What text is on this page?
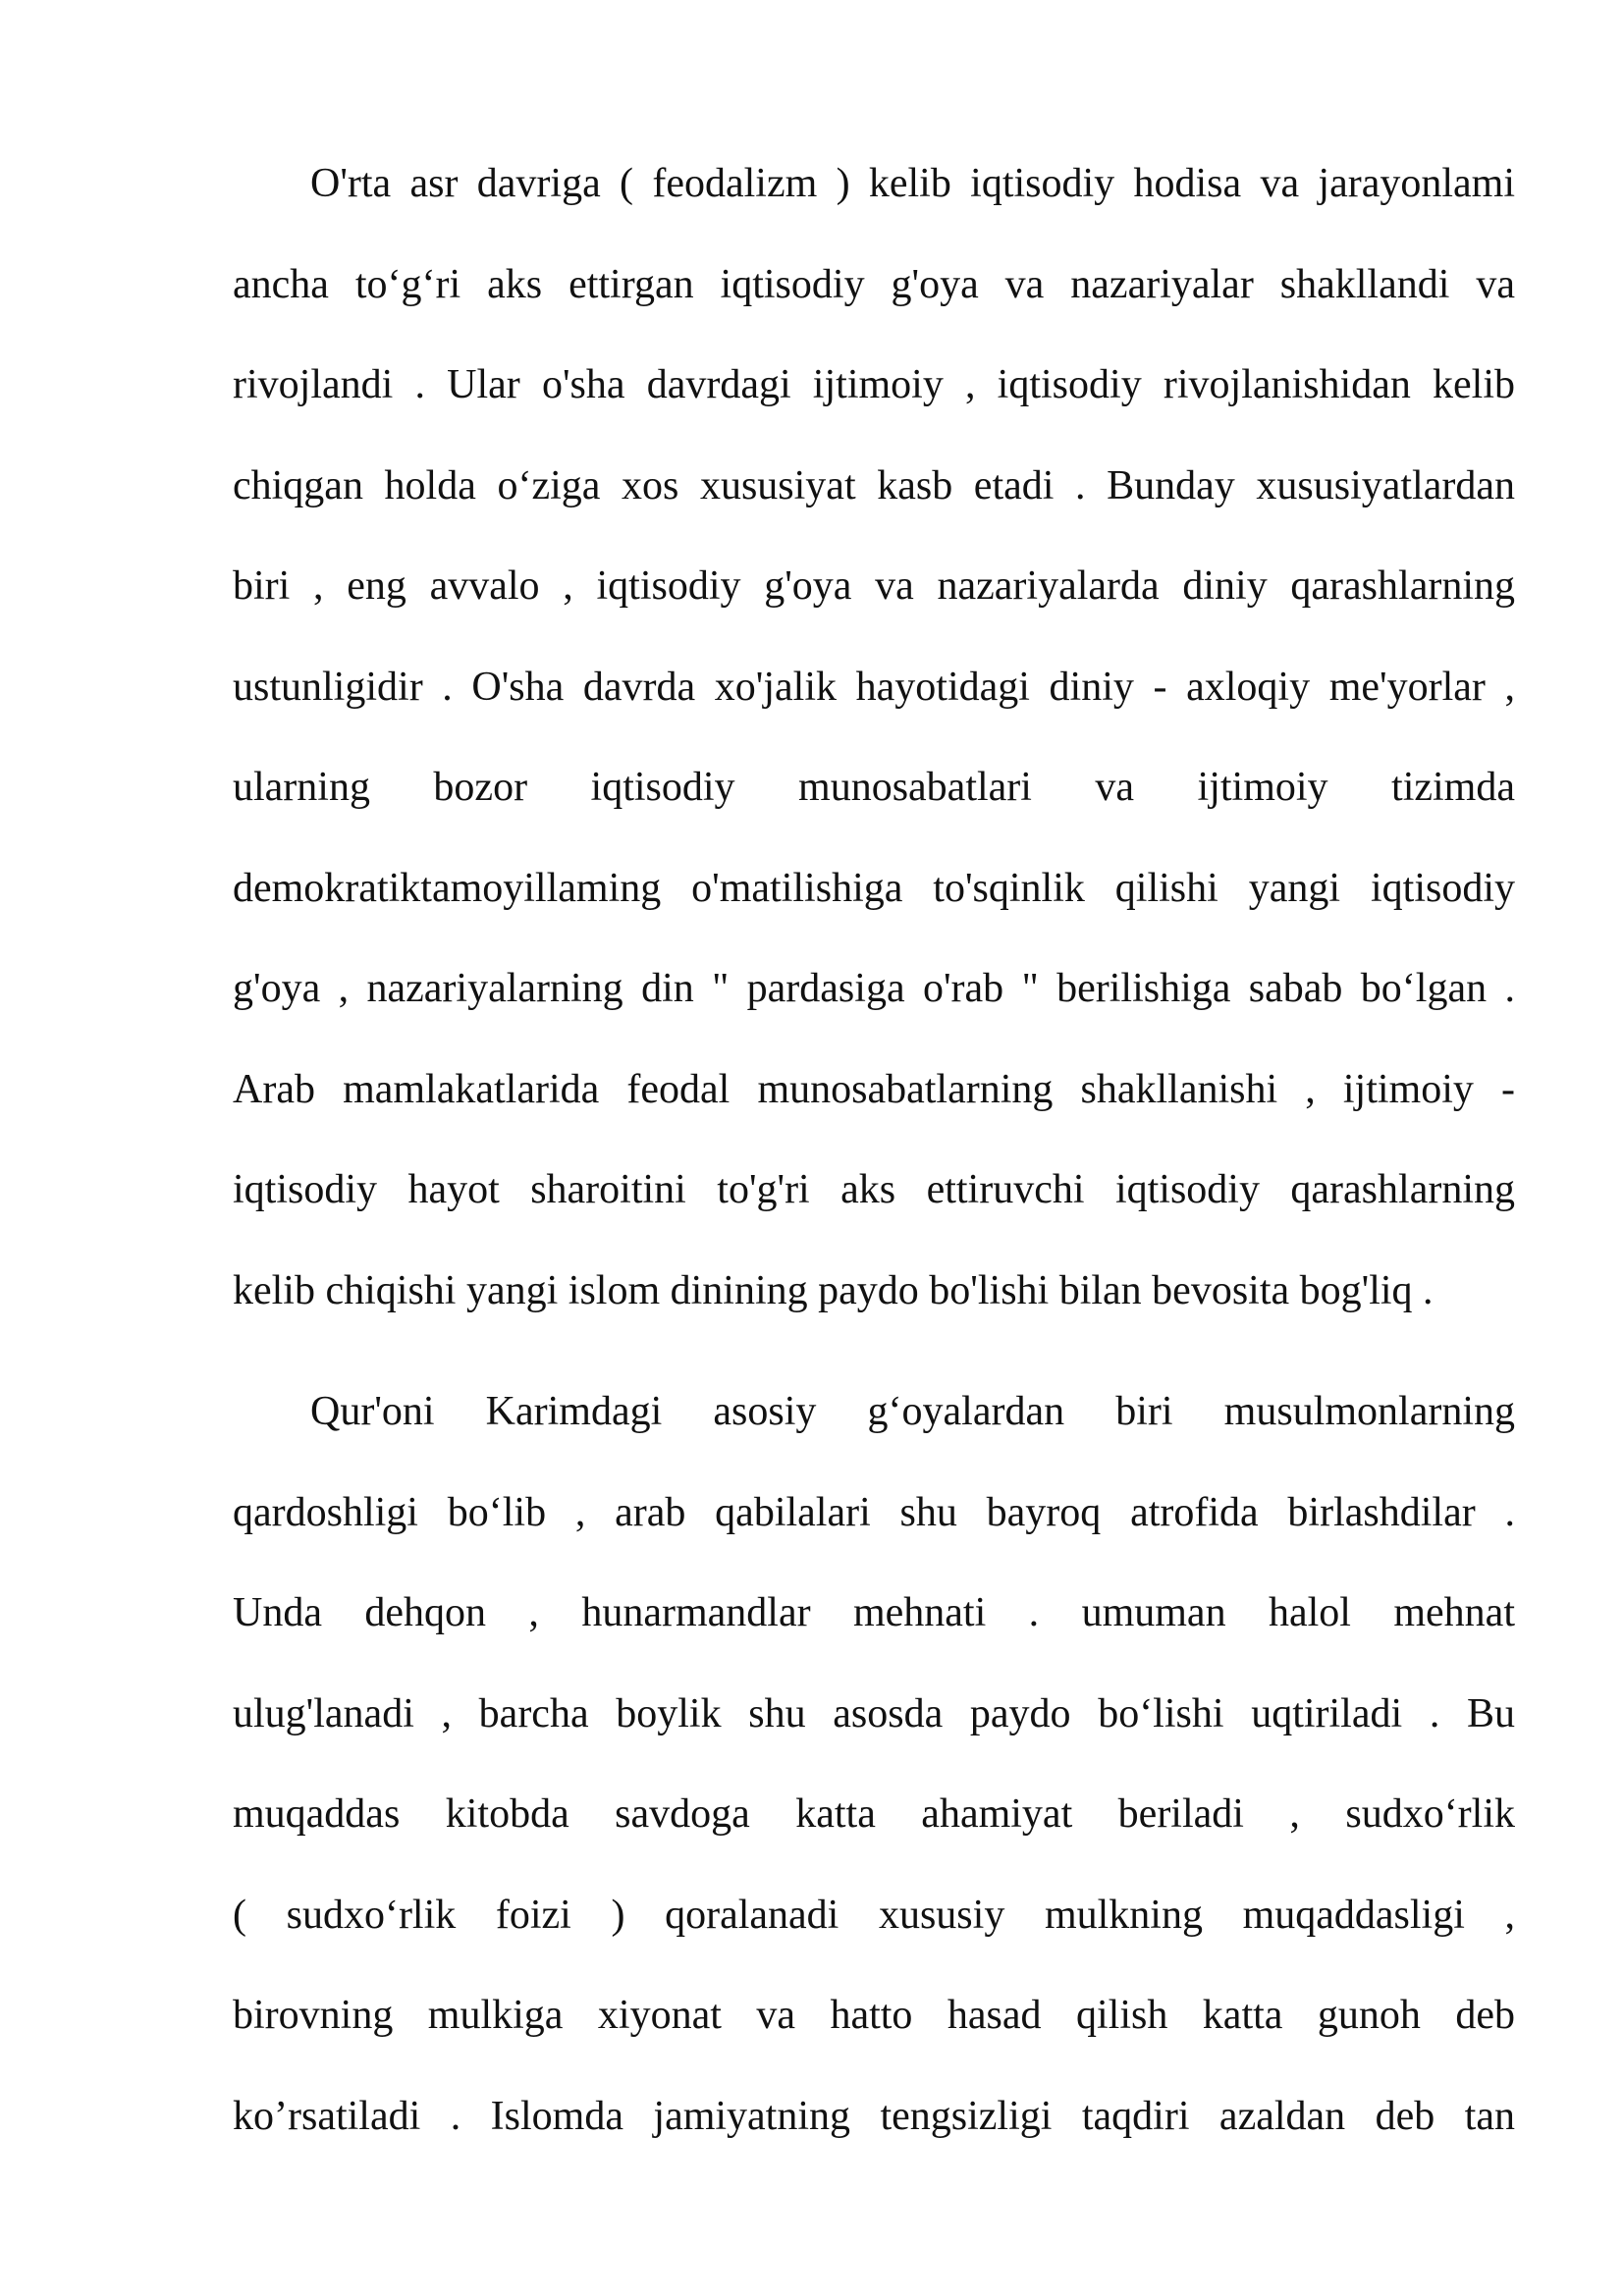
O'rta asr davriga ( feodalizm ) kelib iqtisodiy hodisa va jarayonlami
ancha to‘g‘ri aks ettirgan iqtisodiy g'oya va nazariyalar shakllandi va
rivojlandi . Ular o'sha davrdagi ijtimoiy , iqtisodiy rivojlanishidan kelib
chiqgan holda o‘ziga xos xususiyat kasb etadi . Bunday xususiyatlardan
biri , eng avvalo , iqtisodiy g'oya va nazariyalarda diniy qarashlarning
ustunligidir . O'sha davrda xo'jalik hayotidagi diniy - axloqiy me'yorlar ,
ularning bozor iqtisodiy munosabatlari va ijtimoiy tizimda
demokratiktamoyillaming o'matilishiga to'sqinlik qilishi yangi iqtisodiy
g'oya , nazariyalarning din " pardasiga o'rab " berilishiga sabab bo‘lgan .
Arab mamlakatlarida feodal munosabatlarning shakllanishi , ijtimoiy -
iqtisodiy hayot sharoitini to'g'ri aks ettiruvchi iqtisodiy qarashlarning
kelib chiqishi yangi islom dinining paydo bo'lishi bilan bevosita bog'liq .
Qur'oni Karimdagi asosiy g‘oyalardan biri musulmonlarning
qardoshligi bo‘lib , arab qabilalari shu bayroq atrofida birlashdilar .
Unda dehqon , hunarmandlar mehnati . umuman halol mehnat
ulug'lanadi , barcha boylik shu asosda paydo bo‘lishi uqtiriladi . Bu
muqaddas kitobda savdoga katta ahamiyat beriladi , sudxo‘rlik
( sudxo‘rlik foizi ) qoralanadi xususiy mulkning muqaddasligi ,
birovning mulkiga xiyonat va hatto hasad qilish katta gunoh deb
ko’rsatiladi . Islomda jamiyatning tengsizligi taqdiri azaldan deb tan
